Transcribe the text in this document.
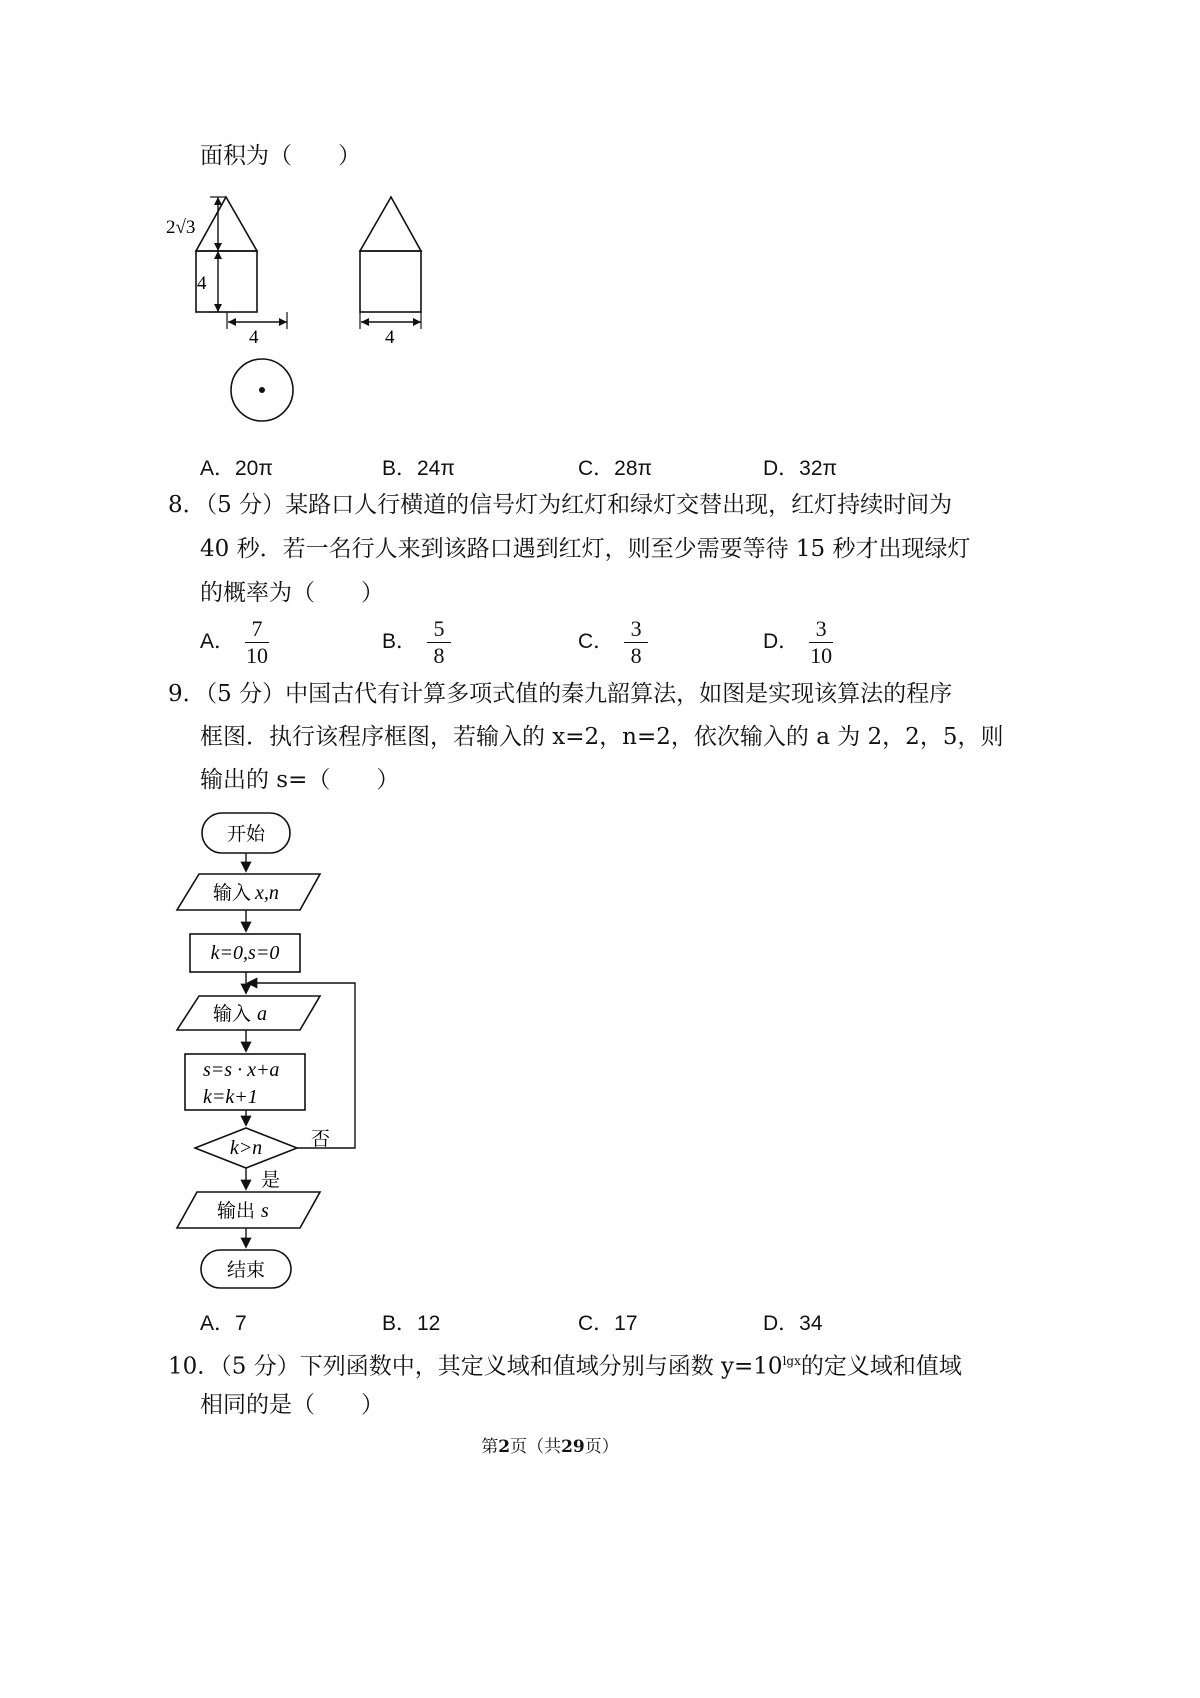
面积为（　　）
2√3
4
4	4
A．20π	B．24π	C．28π	D．32π
8．（5 分）某路口人行横道的信号灯为红灯和绿灯交替出现，红灯持续时间为
40 秒．若一名行人来到该路口遇到红灯，则至少需要等待 15 秒才出现绿灯
的概率为（　　）
A． $\frac{7}{10}$	B． $\frac{5}{8}$	C． $\frac{3}{8}$	D． $\frac{3}{10}$
9．（5 分）中国古代有计算多项式值的秦九韶算法，如图是实现该算法的程序
框图．执行该程序框图，若输入的 x=2，n=2，依次输入的 a 为 2，2，5，则
输出的 s=（　　）
开始
输入 x,n
k=0,s=0
输入 a
s=s · x+a
k=k+1
k>n	否
是
输出 s
结束
A．7	B．12	C．17	D．34
10．（5 分）下列函数中，其定义域和值域分别与函数 $y=10^{lgx}$的定义域和值域
相同的是（　　）
第2页（共29页）
